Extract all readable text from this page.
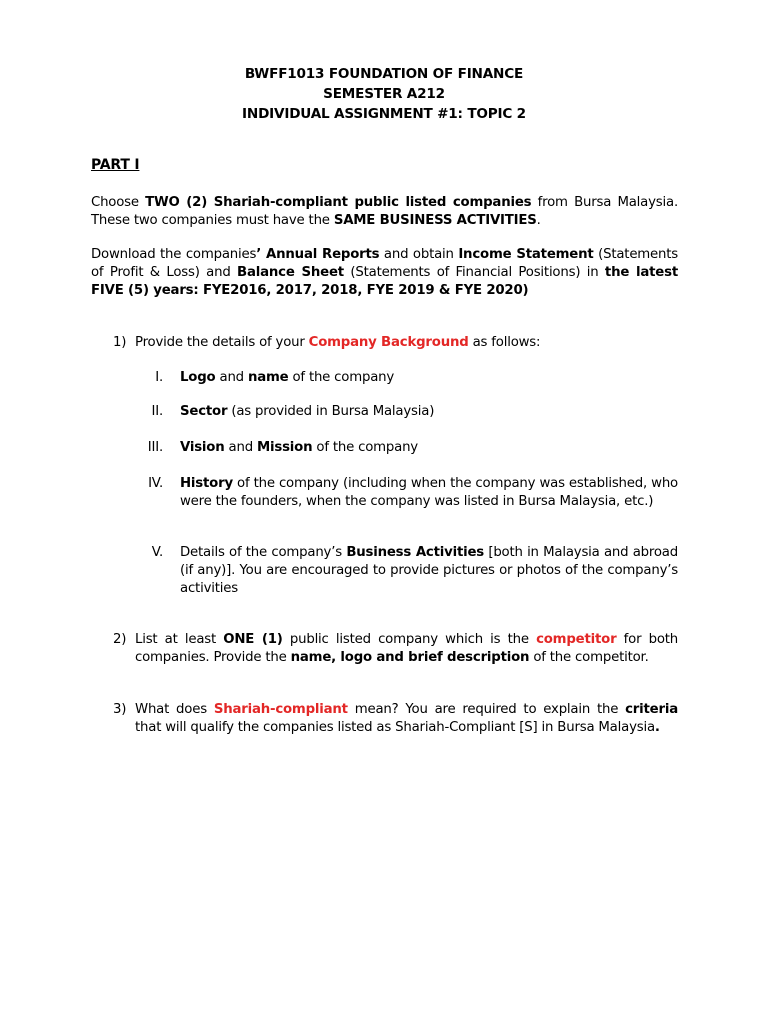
BWFF1013 FOUNDATION OF FINANCE
SEMESTER A212
INDIVIDUAL ASSIGNMENT #1: TOPIC 2
PART I
Choose TWO (2) Shariah-compliant public listed companies from Bursa Malaysia. These two companies must have the SAME BUSINESS ACTIVITIES.
Download the companies’ Annual Reports and obtain Income Statement (Statements of Profit & Loss) and Balance Sheet (Statements of Financial Positions) in the latest FIVE (5) years: FYE2016, 2017, 2018, FYE 2019 & FYE 2020)
1) Provide the details of your Company Background as follows:
I. Logo and name of the company
II. Sector (as provided in Bursa Malaysia)
III. Vision and Mission of the company
IV. History of the company (including when the company was established, who were the founders, when the company was listed in Bursa Malaysia, etc.)
V. Details of the company’s Business Activities [both in Malaysia and abroad (if any)]. You are encouraged to provide pictures or photos of the company’s activities
2) List at least ONE (1) public listed company which is the competitor for both companies. Provide the name, logo and brief description of the competitor.
3) What does Shariah-compliant mean? You are required to explain the criteria that will qualify the companies listed as Shariah-Compliant [S] in Bursa Malaysia.
